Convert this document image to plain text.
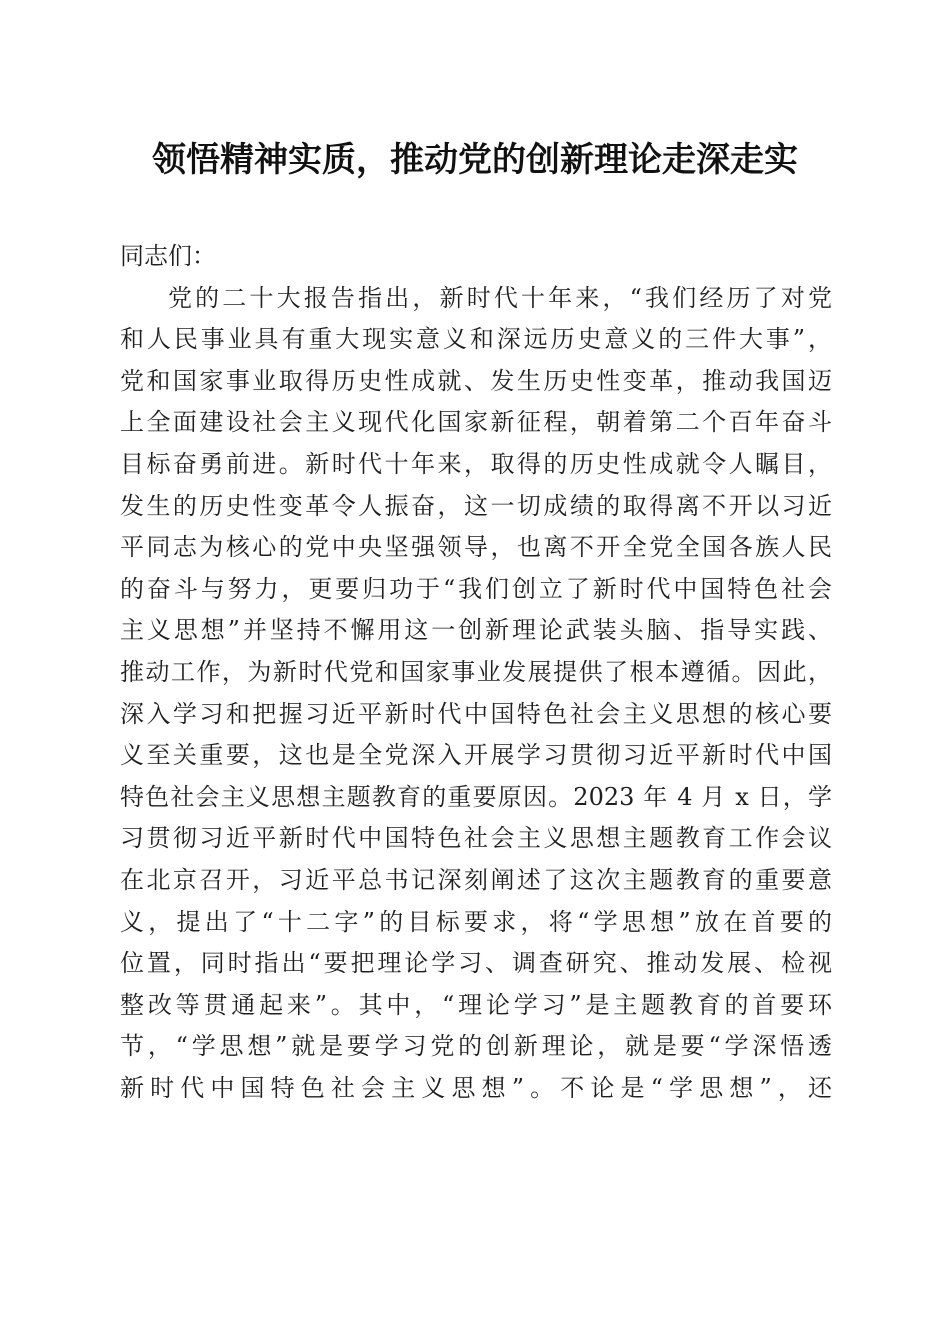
领悟精神实质，推动党的创新理论走深走实
同志们：
党的二十大报告指出，新时代十年来，“我们经历了对党
和人民事业具有重大现实意义和深远历史意义的三件大事”，
党和国家事业取得历史性成就、发生历史性变革，推动我国迈
上全面建设社会主义现代化国家新征程，朝着第二个百年奋斗
目标奋勇前进。新时代十年来，取得的历史性成就令人瞩目，
发生的历史性变革令人振奋，这一切成绩的取得离不开以习近
平同志为核心的党中央坚强领导，也离不开全党全国各族人民
的奋斗与努力，更要归功于“我们创立了新时代中国特色社会
主义思想”并坚持不懈用这一创新理论武装头脑、指导实践、
推动工作，为新时代党和国家事业发展提供了根本遵循。因此，
深入学习和把握习近平新时代中国特色社会主义思想的核心要
义至关重要，这也是全党深入开展学习贯彻习近平新时代中国
特色社会主义思想主题教育的重要原因。2023 年 4 月 x 日，学
习贯彻习近平新时代中国特色社会主义思想主题教育工作会议
在北京召开，习近平总书记深刻阐述了这次主题教育的重要意
义，提出了“十二字”的目标要求，将“学思想”放在首要的
位置，同时指出“要把理论学习、调查研究、推动发展、检视
整改等贯通起来”。其中，“理论学习”是主题教育的首要环
节，“学思想”就是要学习党的创新理论，就是要“学深悟透
新时代中国特色社会主义思想”。不论是“学思想”，还
